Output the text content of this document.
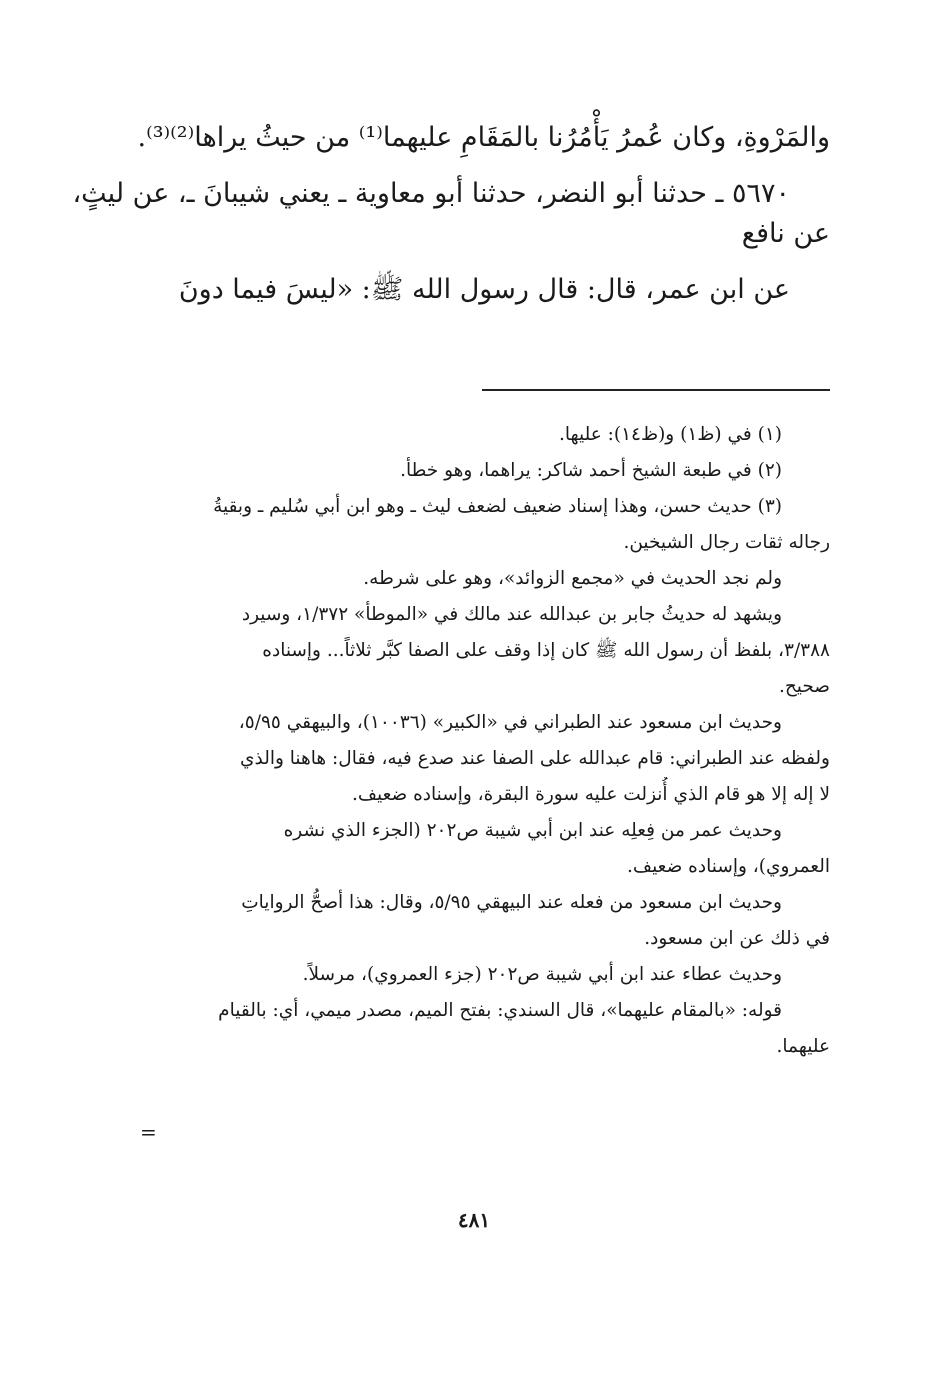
والمَرْوةِ، وكان عُمرُ يَأْمُرُنا بالمَقَامِ عليهما⁽¹⁾ من حيثُ يراها⁽²⁾⁽³⁾.

٥٦٧٠ ـ حدثنا أبو النضر، حدثنا أبو معاوية ـ يعني شيبانَ ـ، عن ليثٍ،

عن نافع

عن ابن عمر، قال: قال رسول الله ﷺ: «ليسَ فيما دونَ

(١) في (ظ١) و(ظ١٤): عليها.

(٢) في طبعة الشيخ أحمد شاكر: يراهما، وهو خطأ.

(٣) حديث حسن، وهذا إسناد ضعيف لضعف ليث ـ وهو ابن أبي سُليم ـ وبقيةُ

رجاله ثقات رجال الشيخين.

ولم نجد الحديث في «مجمع الزوائد»، وهو على شرطه.

ويشهد له حديثُ جابر بن عبدالله عند مالك في «الموطأ» ١/٣٧٢، وسيرد

٣/٣٨٨، بلفظ أن رسول الله ﷺ كان إذا وقف على الصفا كبَّر ثلاثاً... وإسناده

صحيح.

وحديث ابن مسعود عند الطبراني في «الكبير» (١٠٠٣٦)، والبيهقي ٥/٩٥،

ولفظه عند الطبراني: قام عبدالله على الصفا عند صدع فيه، فقال: هاهنا والذي

لا إله إلا هو قام الذي أُنزلت عليه سورة البقرة، وإسناده ضعيف.

وحديث عمر من فِعلِه عند ابن أبي شيبة ص٢٠٢ (الجزء الذي نشره

العمروي)، وإسناده ضعيف.

وحديث ابن مسعود من فعله عند البيهقي ٥/٩٥، وقال: هذا أصحُّ الرواياتِ

في ذلك عن ابن مسعود.

وحديث عطاء عند ابن أبي شيبة ص٢٠٢ (جزء العمروي)، مرسلاً.

قوله: «بالمقام عليهما»، قال السندي: بفتح الميم، مصدر ميمي، أي: بالقيام

عليهما.

=
٤٨١
